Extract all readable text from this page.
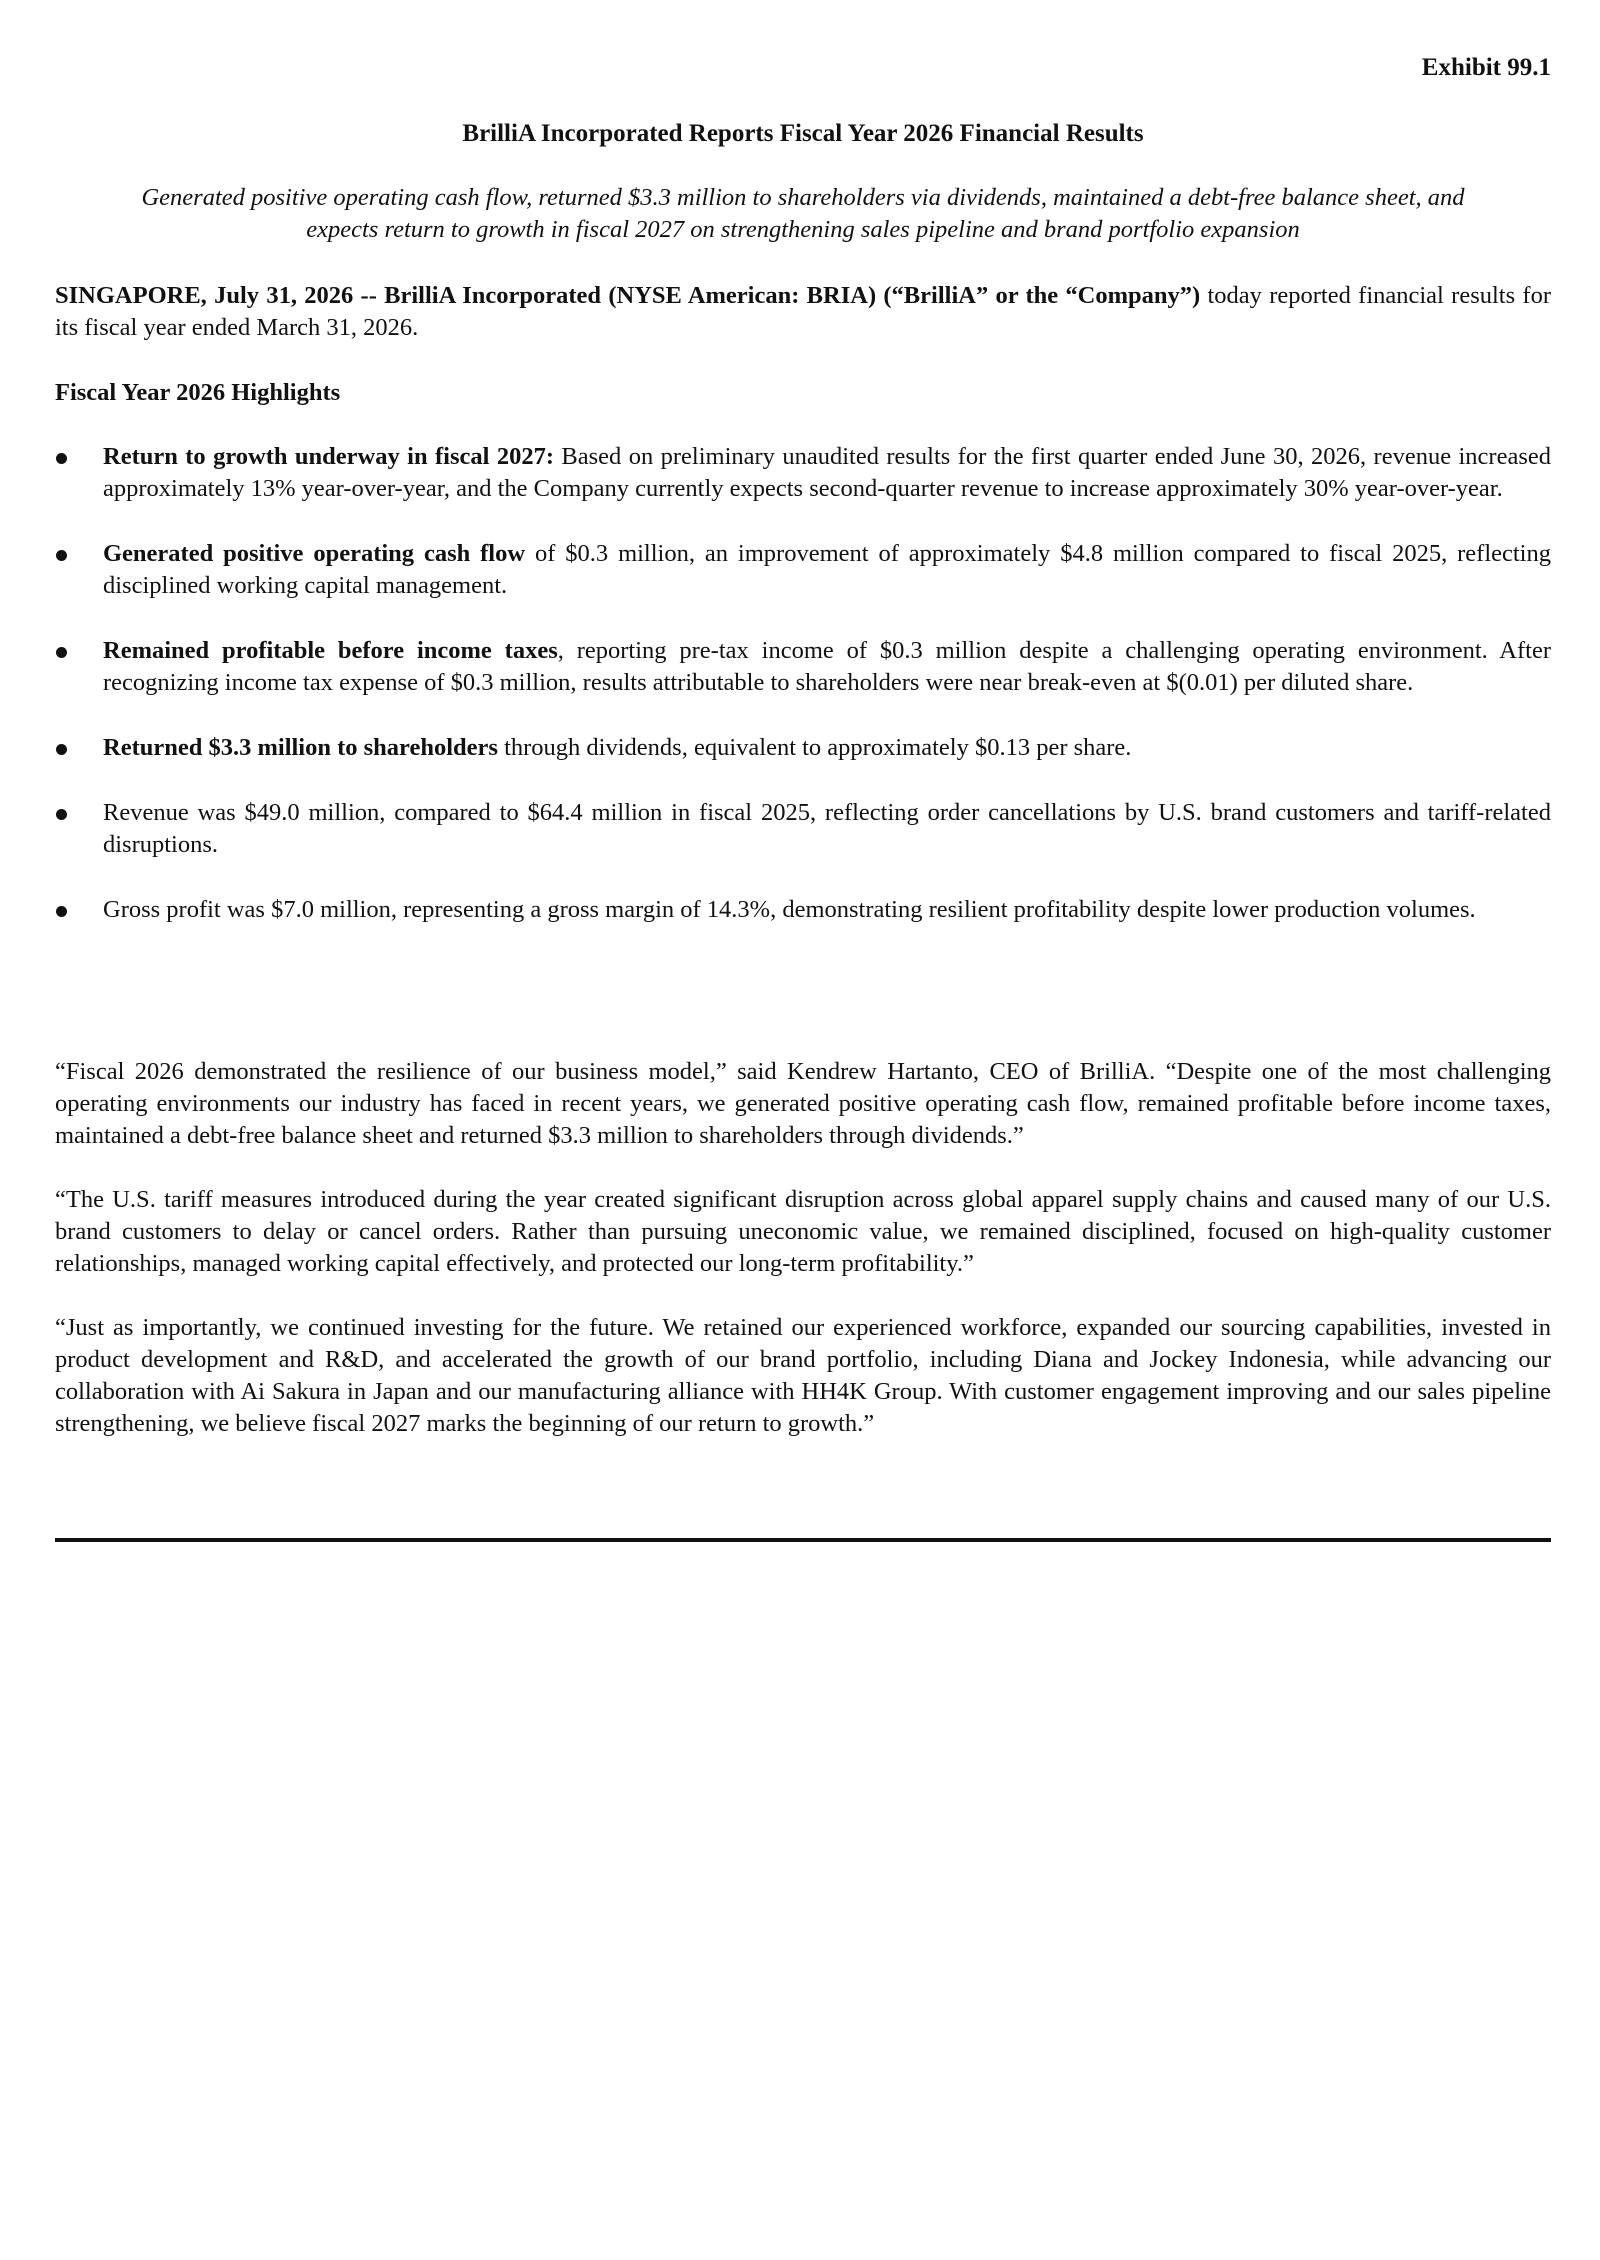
Exhibit 99.1
BrilliA Incorporated Reports Fiscal Year 2026 Financial Results
Generated positive operating cash flow, returned $3.3 million to shareholders via dividends, maintained a debt-free balance sheet, and
expects return to growth in fiscal 2027 on strengthening sales pipeline and brand portfolio expansion

SINGAPORE, July 31, 2026 -- BrilliA Incorporated (NYSE American: BRIA) (“BrilliA” or the “Company”) today reported financial results for its fiscal year ended March 31, 2026.

Fiscal Year 2026 Highlights
Return to growth underway in fiscal 2027: Based on preliminary unaudited results for the first quarter ended June 30, 2026, revenue increased approximately 13% year-over-year, and the Company currently expects second-quarter revenue to increase approximately 30% year-over-year.
Generated positive operating cash flow of $0.3 million, an improvement of approximately $4.8 million compared to fiscal 2025, reflecting disciplined working capital management.
Remained profitable before income taxes, reporting pre-tax income of $0.3 million despite a challenging operating environment. After recognizing income tax expense of $0.3 million, results attributable to shareholders were near break-even at $(0.01) per diluted share.
Returned $3.3 million to shareholders through dividends, equivalent to approximately $0.13 per share.
Revenue was $49.0 million, compared to $64.4 million in fiscal 2025, reflecting order cancellations by U.S. brand customers and tariff-related disruptions.
Gross profit was $7.0 million, representing a gross margin of 14.3%, demonstrating resilient profitability despite lower production volumes.

“Fiscal 2026 demonstrated the resilience of our business model,” said Kendrew Hartanto, CEO of BrilliA. “Despite one of the most challenging operating environments our industry has faced in recent years, we generated positive operating cash flow, remained profitable before income taxes, maintained a debt-free balance sheet and returned $3.3 million to shareholders through dividends.”

“The U.S. tariff measures introduced during the year created significant disruption across global apparel supply chains and caused many of our U.S. brand customers to delay or cancel orders. Rather than pursuing uneconomic value, we remained disciplined, focused on high-quality customer relationships, managed working capital effectively, and protected our long-term profitability.”

“Just as importantly, we continued investing for the future. We retained our experienced workforce, expanded our sourcing capabilities, invested in product development and R&D, and accelerated the growth of our brand portfolio, including Diana and Jockey Indonesia, while advancing our collaboration with Ai Sakura in Japan and our manufacturing alliance with HH4K Group. With customer engagement improving and our sales pipeline strengthening, we believe fiscal 2027 marks the beginning of our return to growth.”
